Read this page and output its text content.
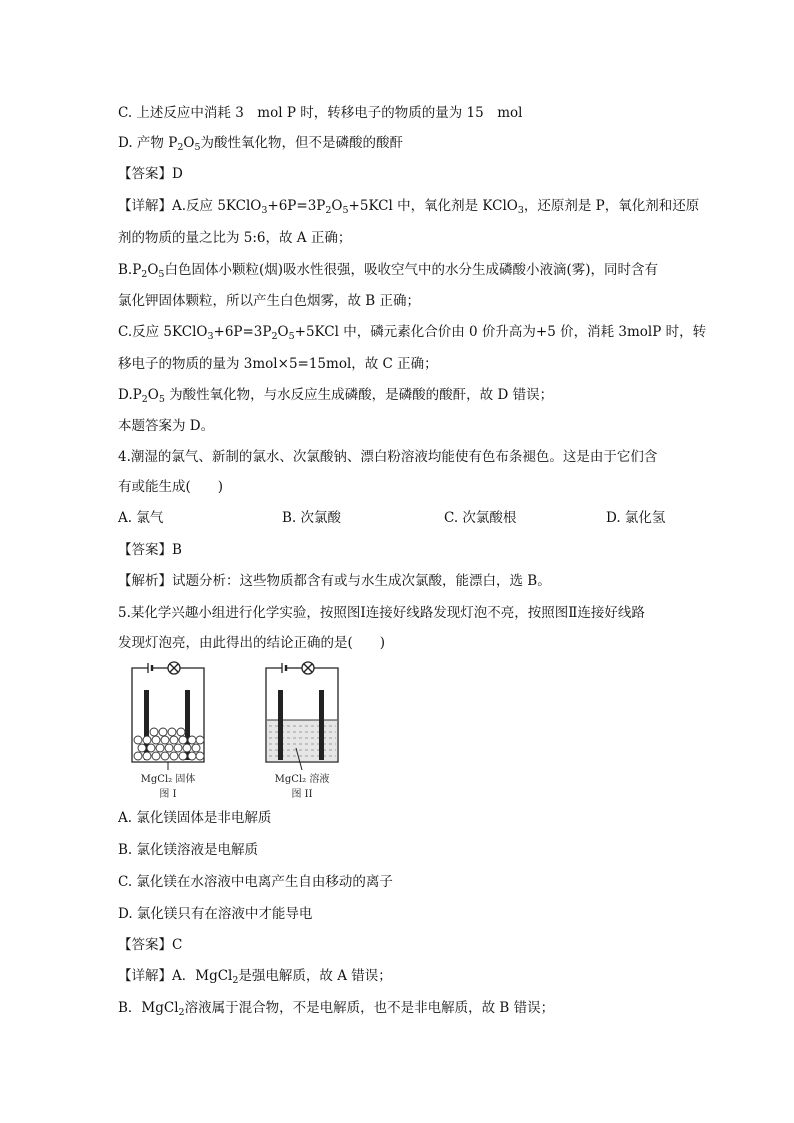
C. 上述反应中消耗 3　mol P 时，转移电子的物质的量为 15　mol
D. 产物 $P_2O_5$为酸性氧化物，但不是磷酸的酸酐
【答案】D
【详解】A.反应 $5KClO_3+6P=3P_2O_5+5KCl$ 中，氧化剂是 KClO$_3$，还原剂是 P，氧化剂和还原
剂的物质的量之比为 5:6，故 A 正确；
$B.P_2O_5$白色固体小颗粒(烟)吸水性很强，吸收空气中的水分生成磷酸小液滴(雾)，同时含有
氯化钾固体颗粒，所以产生白色烟雾，故 B 正确；
C.反应 $5KClO_3+6P=3P_2O_5+5KCl$ 中，磷元素化合价由 0 价升高为+5 价，消耗 3molP 时，转
移电子的物质的量为 3mol×5=15mol，故 C 正确；
$D.P_2O_5$ 为酸性氧化物，与水反应生成磷酸，是磷酸的酸酐，故 D 错误；
本题答案为 D。
4.潮湿的氯气、新制的氯水、次氯酸钠、漂白粉溶液均能使有色布条褪色。这是由于它们含
有或能生成(　　)
A. 氯气	B. 次氯酸	C. 次氯酸根	D. 氯化氢
【答案】B
【解析】试题分析：这些物质都含有或与水生成次氯酸，能漂白，选 B。
5.某化学兴趣小组进行化学实验，按照图Ⅰ连接好线路发现灯泡不亮，按照图Ⅱ连接好线路
发现灯泡亮，由此得出的结论正确的是(　　)
MgCl₂ 固体
图 I
MgCl₂ 溶液
图 II
A. 氯化镁固体是非电解质
B. 氯化镁溶液是电解质
C. 氯化镁在水溶液中电离产生自由移动的离子
D. 氯化镁只有在溶液中才能导电
【答案】C
【详解】A．MgCl$_2$是强电解质，故 A 错误；
B．MgCl$_2$溶液属于混合物，不是电解质，也不是非电解质，故 B 错误；
